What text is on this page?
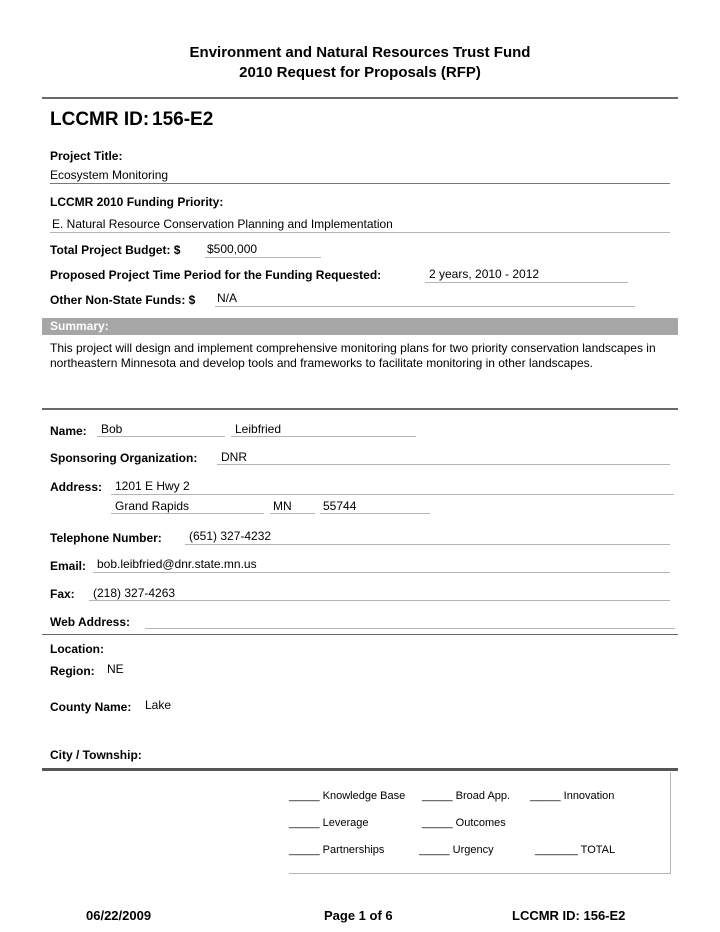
Environment and Natural Resources Trust Fund
2010 Request for Proposals (RFP)
LCCMR ID: 156-E2
Project Title:
Ecosystem Monitoring
LCCMR 2010 Funding Priority:
E. Natural Resource Conservation Planning and Implementation
Total Project Budget: $ $500,000
Proposed Project Time Period for the Funding Requested:	2 years, 2010 - 2012
Other Non-State Funds: $ N/A
Summary:
This project will design and implement comprehensive monitoring plans for two priority conservation landscapes in northeastern Minnesota and develop tools and frameworks to facilitate monitoring in other landscapes.
Name: Bob	Leibfried
Sponsoring Organization: DNR
Address: 1201 E Hwy 2
Grand Rapids	MN	55744
Telephone Number: (651) 327-4232
Email: bob.leibfried@dnr.state.mn.us
Fax: (218) 327-4263
Web Address:
Location:
Region: NE
County Name: Lake
City / Township:
_____ Knowledge Base _____ Broad App. _____ Innovation
_____ Leverage	_____ Outcomes
_____ Partnerships	_____ Urgency	_______ TOTAL
06/22/2009	Page 1 of 6	LCCMR ID: 156-E2
